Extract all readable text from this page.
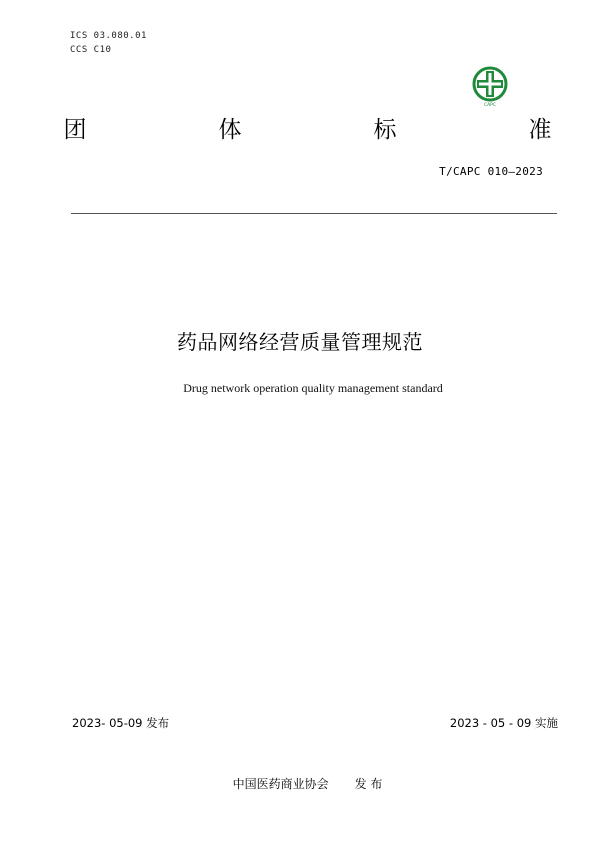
ICS 03.080.01
CCS C10
CAPC
团	体	标	准
T/CAPC 010—2023
药品网络经营质量管理规范
Drug network operation quality management standard
2023- 05-09 发布	2023 - 05 - 09 实施
中国医药商业协会 发 布
